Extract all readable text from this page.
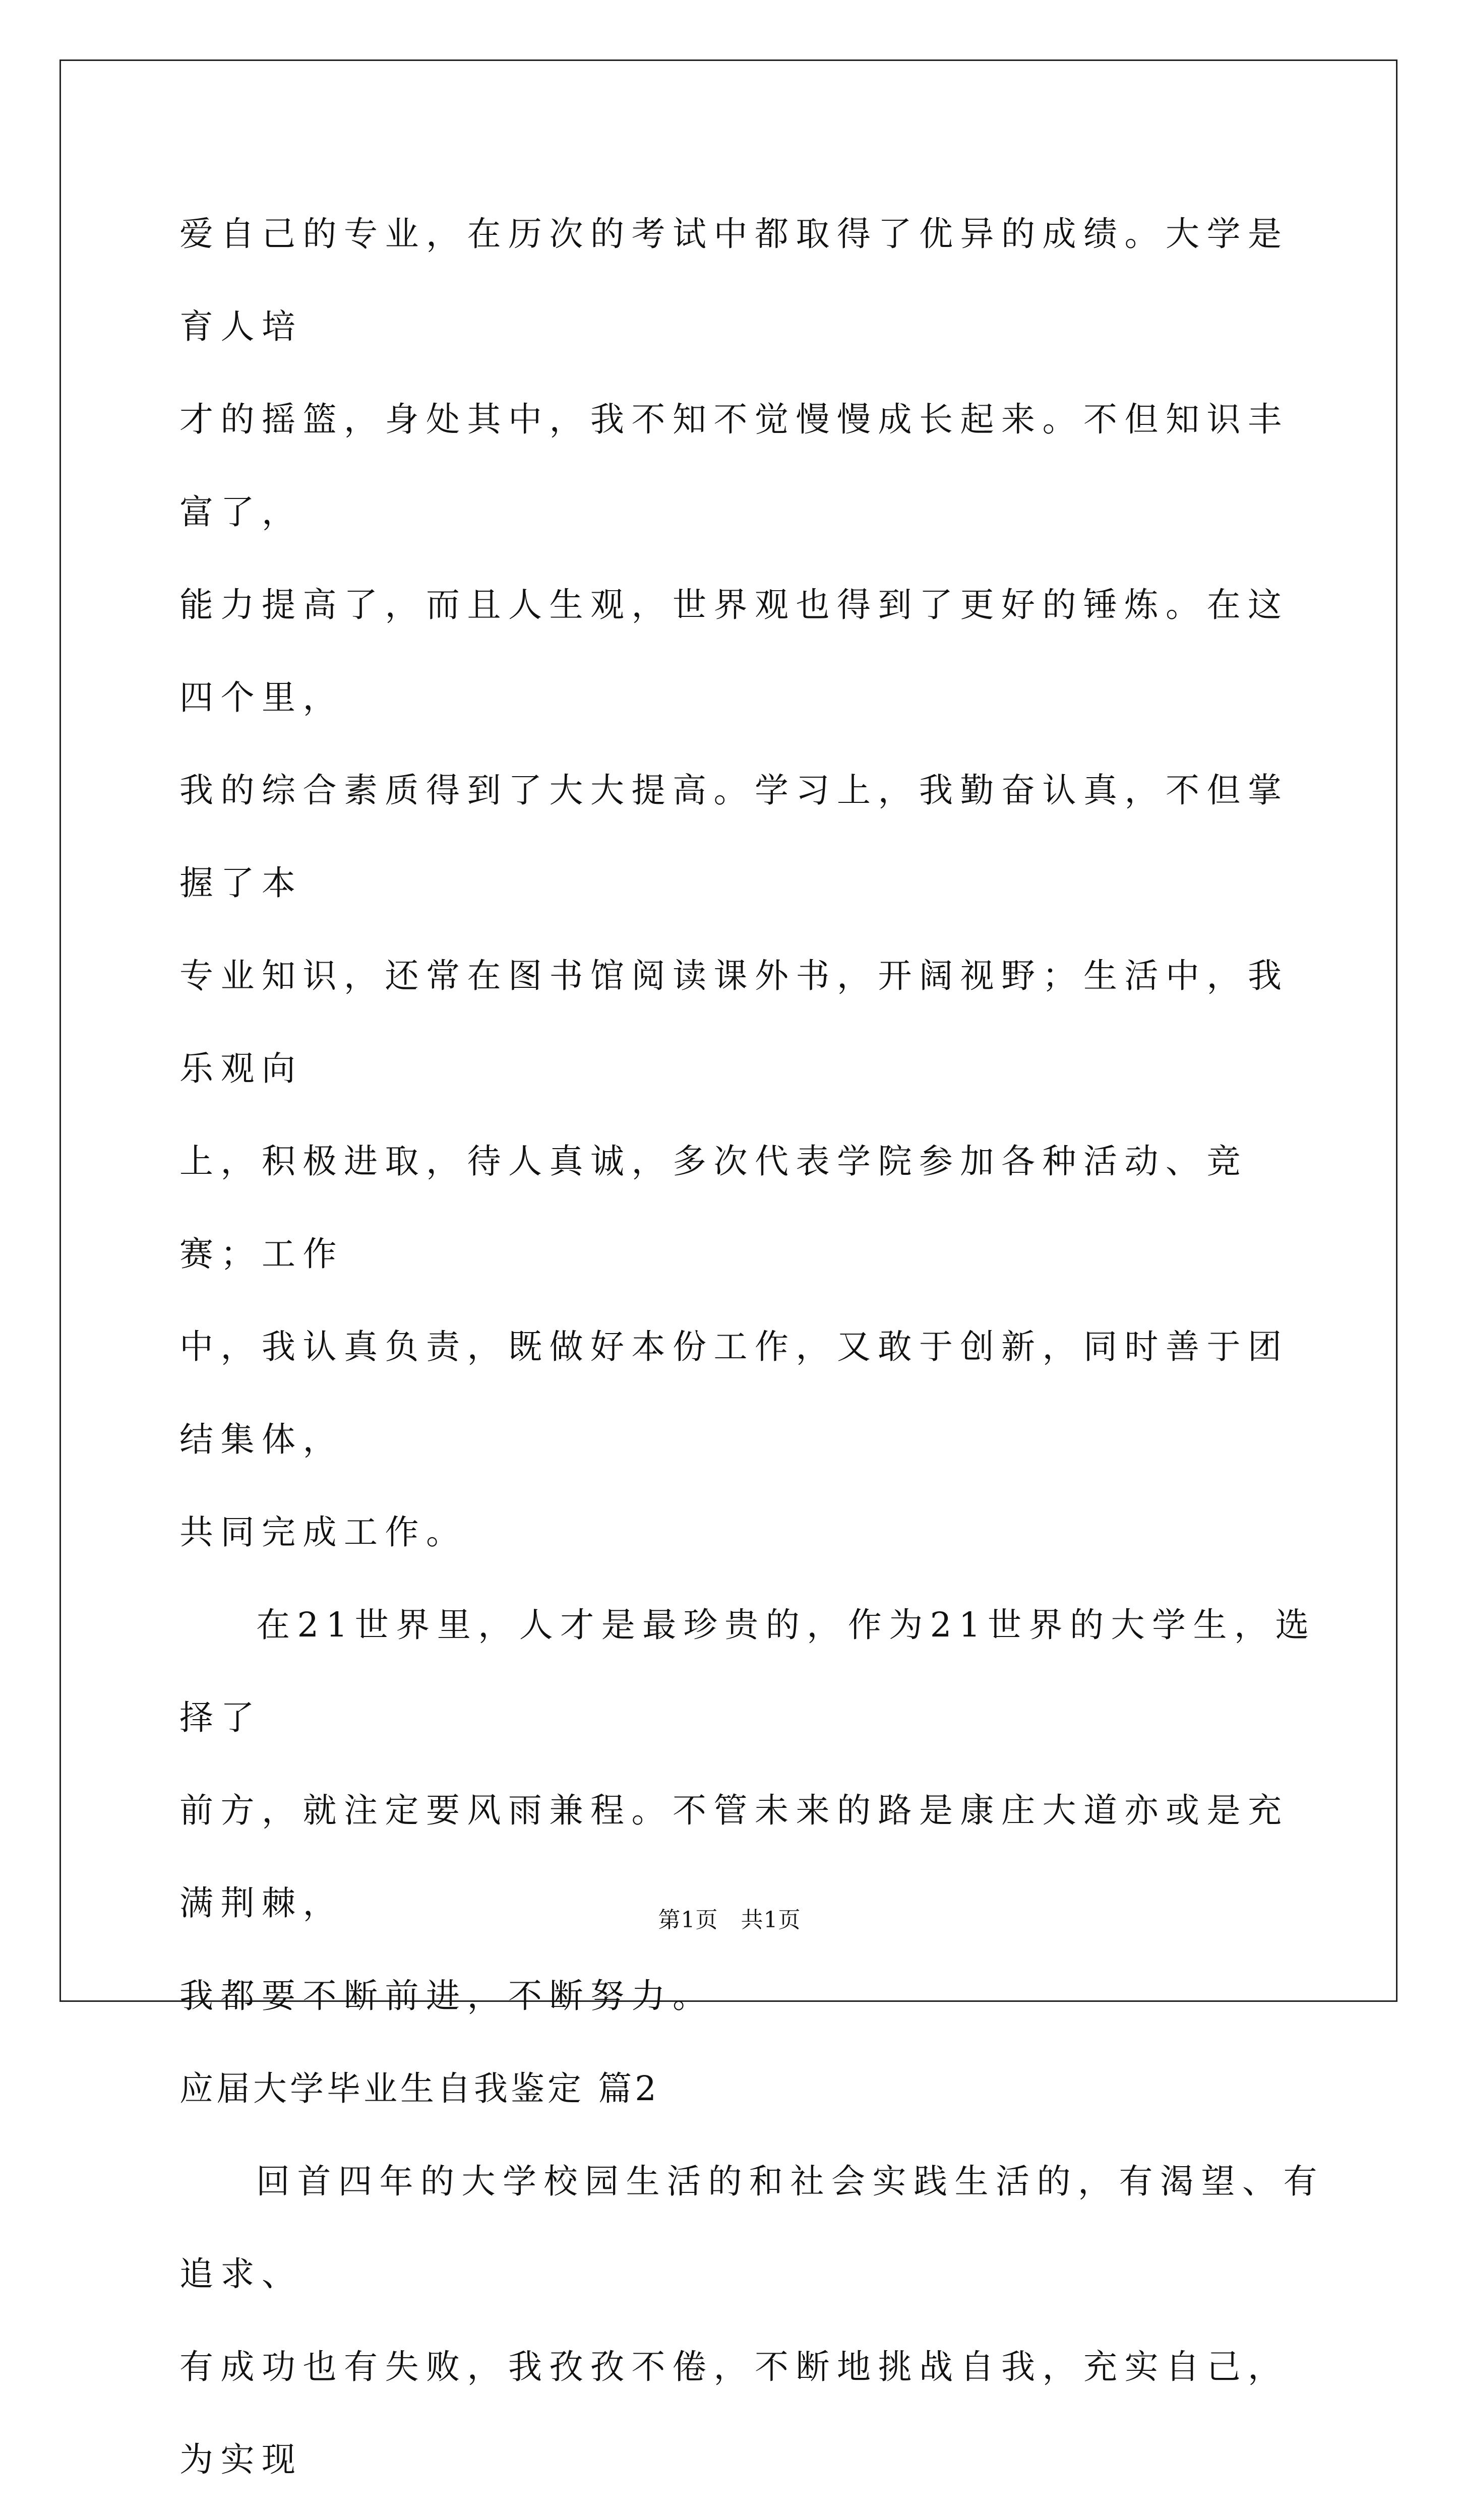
爱自己的专业，在历次的考试中都取得了优异的成绩。大学是育人培
才的摇篮，身处其中，我不知不觉慢慢成长起来。不但知识丰富了，
能力提高了，而且人生观，世界观也得到了更好的锤炼。在这四个里，
我的综合素质得到了大大提高。学习上，我勤奋认真，不但掌握了本
专业知识，还常在图书馆阅读课外书，开阔视野；生活中，我乐观向
上，积极进取，待人真诚，多次代表学院参加各种活动、竞赛；工作
中，我认真负责，既做好本份工作，又敢于创新，同时善于团结集体，
共同完成工作。

在21世界里，人才是最珍贵的，作为21世界的大学生，选择了
前方，就注定要风雨兼程。不管未来的路是康庄大道亦或是充满荆棘，
我都要不断前进，不断努力。

应届大学毕业生自我鉴定 篇2

回首四年的大学校园生活的和社会实践生活的，有渴望、有追求、
有成功也有失败，我孜孜不倦，不断地挑战自我，充实自己，为实现

第1页　共1页
